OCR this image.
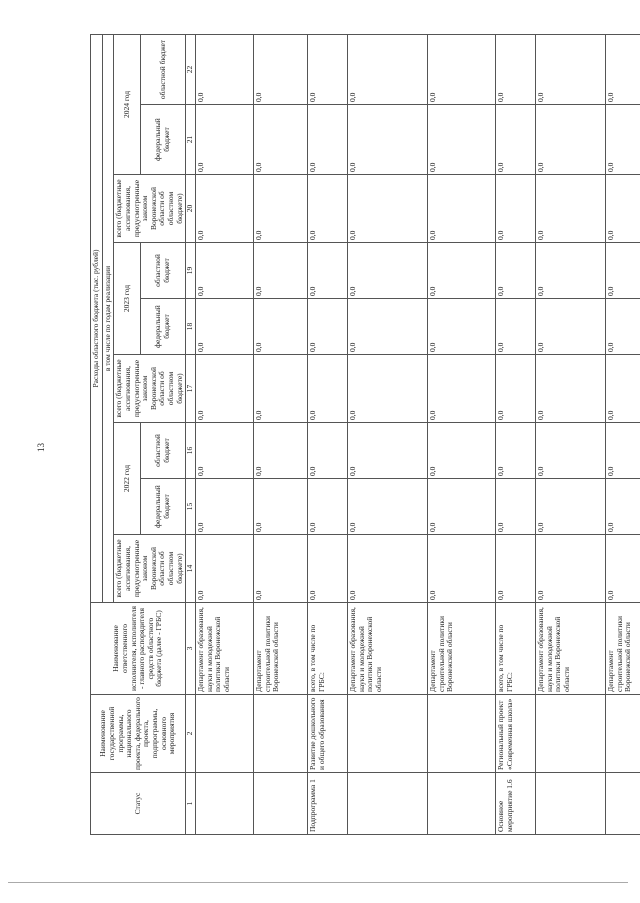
13
Статус	Наименование государственной программы, национального проекта, федерального проекта, подпрограммы, основного мероприятия	Наименование ответственного исполнителя, исполнителя - главного распорядителя средств областного бюджета (далее - ГРБС)	Расходы областного бюджета (тыс. рублей)								
			в том числе по годам реализации								
			всего (бюджетные ассигнования, предусмотренные законом Воронежской области об областном бюджете)	2022 год		всего (бюджетные ассигнования, предусмотренные законом Воронежской области об областном бюджете)	2023 год		всего (бюджетные ассигнования, предусмотренные законом Воронежской области об областном бюджете)	2024 год	
				федеральный бюджет	областной бюджет		федеральный бюджет	областной бюджет		федеральный бюджет	областной бюджет
1	2	3	14	15	16	17	18	19	20	21	22
		Департамент образования, науки и молодежной политики Воронежской области	0,0	0,0	0,0	0,0	0,0	0,0	0,0	0,0	0,0
		Департамент строительной политики Воронежской области	0,0	0,0	0,0	0,0	0,0	0,0	0,0	0,0	0,0
Подпрограмма 1	Развитие дошкольного и общего образования	всего, в том числе по ГРБС:	0,0	0,0	0,0	0,0	0,0	0,0	0,0	0,0	0,0
		Департамент образования, науки и молодежной политики Воронежской области	0,0	0,0	0,0	0,0	0,0	0,0	0,0	0,0	0,0
		Департамент строительной политики Воронежской области	0,0	0,0	0,0	0,0	0,0	0,0	0,0	0,0	0,0
Основное мероприятие 1.6	Региональный проект «Современная школа»	всего, в том числе по ГРБС:	0,0	0,0	0,0	0,0	0,0	0,0	0,0	0,0	0,0
		Департамент образования, науки и молодежной политики Воронежской области	0,0	0,0	0,0	0,0	0,0	0,0	0,0	0,0	0,0
		Департамент строительной политики Воронежской области	0,0	0,0	0,0	0,0	0,0	0,0	0,0	0,0	0,0
